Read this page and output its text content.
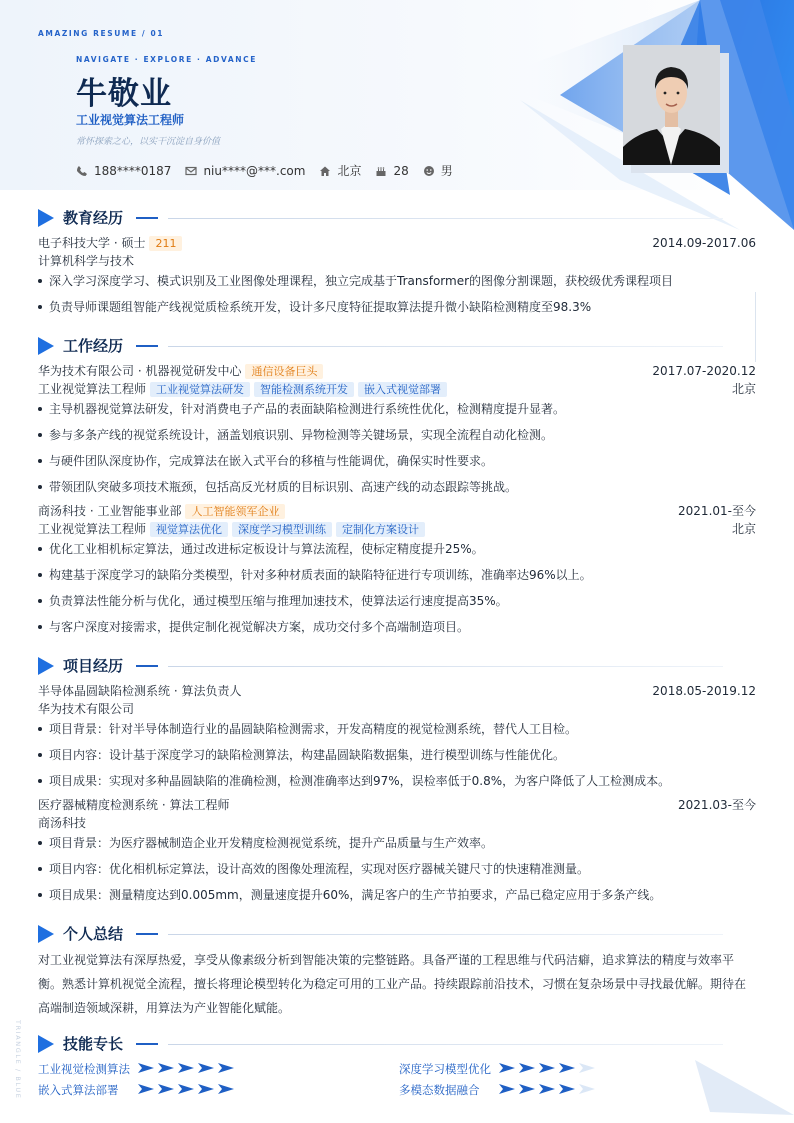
AMAZING RESUME / 01
NAVIGATE · EXPLORE · ADVANCE
牛敬业
工业视觉算法工程师
常怀探索之心，以实干沉淀自身价值
188****0187	niu****@***.com	北京	28	男
教育经历
电子科技大学 · 硕士 211	2014.09-2017.06
计算机科学与技术
深入学习深度学习、模式识别及工业图像处理课程，独立完成基于Transformer的图像分割课题，获校级优秀课程项目
负责导师课题组智能产线视觉质检系统开发，设计多尺度特征提取算法提升微小缺陷检测精度至98.3%
工作经历
华为技术有限公司 · 机器视觉研发中心 通信设备巨头	2017.07-2020.12
工业视觉算法工程师 工业视觉算法研发 智能检测系统开发 嵌入式视觉部署	北京
主导机器视觉算法研发，针对消费电子产品的表面缺陷检测进行系统性优化，检测精度提升显著。
参与多条产线的视觉系统设计，涵盖划痕识别、异物检测等关键场景，实现全流程自动化检测。
与硬件团队深度协作，完成算法在嵌入式平台的移植与性能调优，确保实时性要求。
带领团队突破多项技术瓶颈，包括高反光材质的目标识别、高速产线的动态跟踪等挑战。
商汤科技 · 工业智能事业部 人工智能领军企业	2021.01-至今
工业视觉算法工程师 视觉算法优化 深度学习模型训练 定制化方案设计	北京
优化工业相机标定算法，通过改进标定板设计与算法流程，使标定精度提升25%。
构建基于深度学习的缺陷分类模型，针对多种材质表面的缺陷特征进行专项训练，准确率达96%以上。
负责算法性能分析与优化，通过模型压缩与推理加速技术，使算法运行速度提高35%。
与客户深度对接需求，提供定制化视觉解决方案，成功交付多个高端制造项目。
项目经历
半导体晶圆缺陷检测系统 · 算法负责人	2018.05-2019.12
华为技术有限公司
项目背景：针对半导体制造行业的晶圆缺陷检测需求，开发高精度的视觉检测系统，替代人工目检。
项目内容：设计基于深度学习的缺陷检测算法，构建晶圆缺陷数据集，进行模型训练与性能优化。
项目成果：实现对多种晶圆缺陷的准确检测，检测准确率达到97%，误检率低于0.8%，为客户降低了人工检测成本。
医疗器械精度检测系统 · 算法工程师	2021.03-至今
商汤科技
项目背景：为医疗器械制造企业开发精度检测视觉系统，提升产品质量与生产效率。
项目内容：优化相机标定算法，设计高效的图像处理流程，实现对医疗器械关键尺寸的快速精准测量。
项目成果：测量精度达到0.005mm，测量速度提升60%，满足客户的生产节拍要求，产品已稳定应用于多条产线。
个人总结
对工业视觉算法有深厚热爱，享受从像素级分析到智能决策的完整链路。具备严谨的工程思维与代码洁癖，追求算法的精度与效率平衡。熟悉计算机视觉全流程，擅长将理论模型转化为稳定可用的工业产品。持续跟踪前沿技术，习惯在复杂场景中寻找最优解。期待在高端制造领域深耕，用算法为产业智能化赋能。
技能专长
工业视觉检测算法	深度学习模型优化
嵌入式算法部署	多模态数据融合
TRIANGLE / BLUE
